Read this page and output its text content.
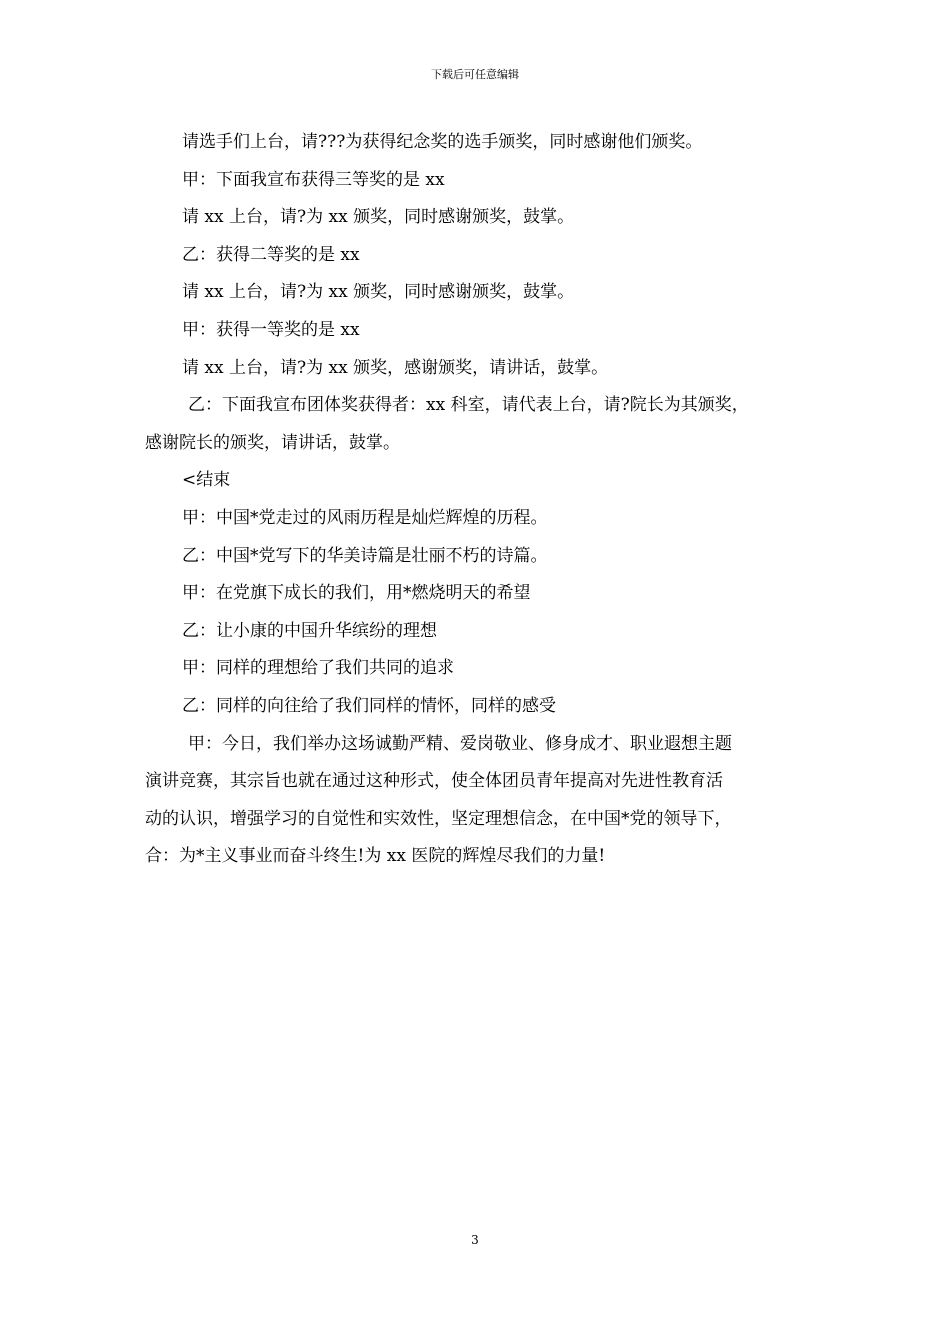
下载后可任意编辑

请选手们上台，请???为获得纪念奖的选手颁奖，同时感谢他们颁奖。

甲：下面我宣布获得三等奖的是 xx

请 xx 上台，请?为 xx 颁奖，同时感谢颁奖，鼓掌。

乙：获得二等奖的是 xx

请 xx 上台，请?为 xx 颁奖，同时感谢颁奖，鼓掌。

甲：获得一等奖的是 xx

请 xx 上台，请?为 xx 颁奖，感谢颁奖，请讲话，鼓掌。

乙：下面我宣布团体奖获得者：xx 科室，请代表上台，请?院长为其颁奖，

感谢院长的颁奖，请讲话，鼓掌。

<结束

甲：中国*党走过的风雨历程是灿烂辉煌的历程。

乙：中国*党写下的华美诗篇是壮丽不朽的诗篇。

甲：在党旗下成长的我们，用*燃烧明天的希望

乙：让小康的中国升华缤纷的理想

甲：同样的理想给了我们共同的追求

乙：同样的向往给了我们同样的情怀，同样的感受

甲：今日，我们举办这场诚勤严精、爱岗敬业、修身成才、职业遐想主题

演讲竞赛，其宗旨也就在通过这种形式，使全体团员青年提高对先进性教育活

动的认识，增强学习的自觉性和实效性，坚定理想信念，在中国*党的领导下，

合：为*主义事业而奋斗终生!为 xx 医院的辉煌尽我们的力量!

3
